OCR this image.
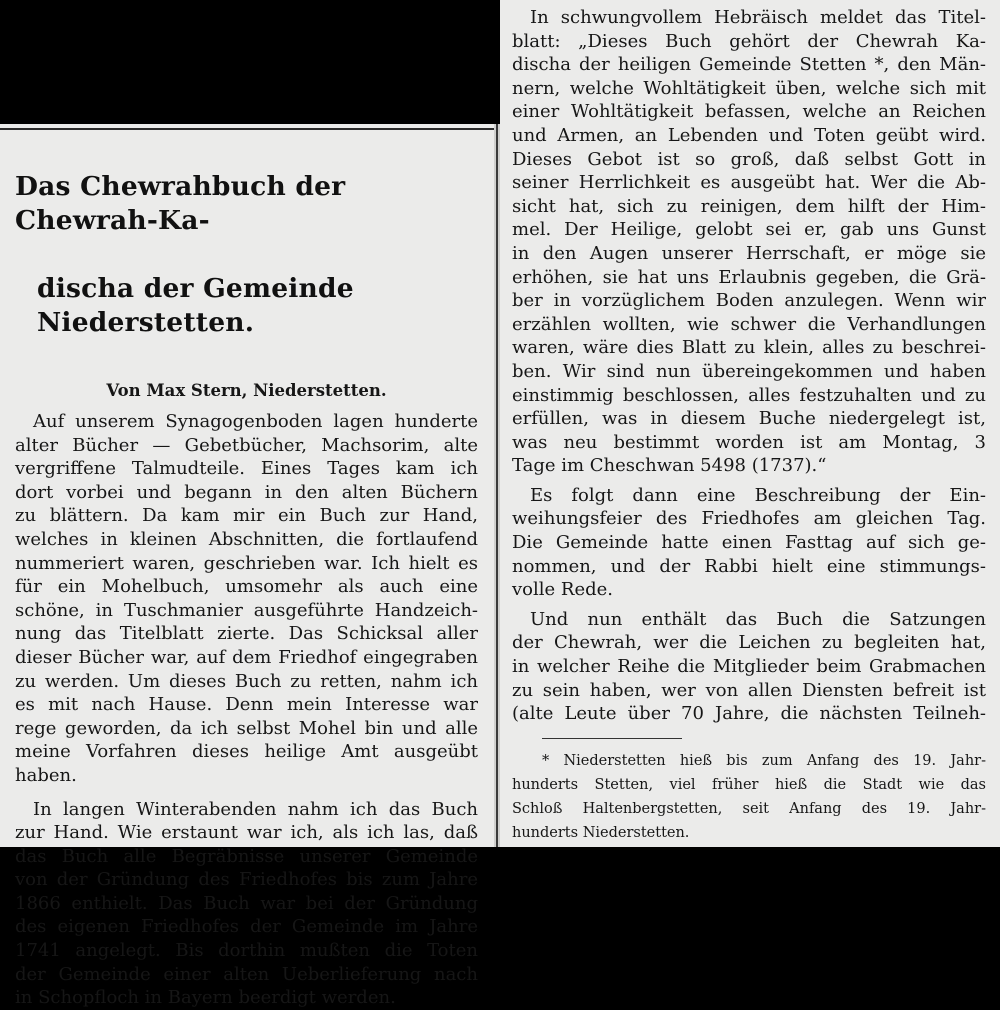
Das Chewrahbuch der Chewrah-Ka-

discha der Gemeinde Niederstetten.

Von Max Stern, Niederstetten.
Auf unserem Synagogenboden lagen hunderte
alter Bücher — Gebetbücher, Machsorim, alte
vergriffene Talmudteile. Eines Tages kam ich
dort vorbei und begann in den alten Büchern
zu blättern. Da kam mir ein Buch zur Hand,
welches in kleinen Abschnitten, die fortlaufend
nummeriert waren, geschrieben war. Ich hielt es
für ein Mohelbuch, umsomehr als auch eine
schöne, in Tuschmanier ausgeführte Handzeich-
nung das Titelblatt zierte. Das Schicksal aller
dieser Bücher war, auf dem Friedhof eingegraben
zu werden. Um dieses Buch zu retten, nahm ich
es mit nach Hause. Denn mein Interesse war
rege geworden, da ich selbst Mohel bin und alle
meine Vorfahren dieses heilige Amt ausgeübt
haben.
In langen Winterabenden nahm ich das Buch
zur Hand. Wie erstaunt war ich, als ich las, daß
das Buch alle Begräbnisse unserer Gemeinde
von der Gründung des Friedhofes bis zum Jahre
1866 enthielt. Das Buch war bei der Gründung
des eigenen Friedhofes der Gemeinde im Jahre
1741 angelegt. Bis dorthin mußten die Toten
der Gemeinde einer alten Ueberlieferung nach
in Schopfloch in Bayern beerdigt werden.
In schwungvollem Hebräisch meldet das Titel-
blatt: „Dieses Buch gehört der Chewrah Ka-
discha der heiligen Gemeinde Stetten *, den Män-
nern, welche Wohltätigkeit üben, welche sich mit
einer Wohltätigkeit befassen, welche an Reichen
und Armen, an Lebenden und Toten geübt wird.
Dieses Gebot ist so groß, daß selbst Gott in
seiner Herrlichkeit es ausgeübt hat. Wer die Ab-
sicht hat, sich zu reinigen, dem hilft der Him-
mel. Der Heilige, gelobt sei er, gab uns Gunst
in den Augen unserer Herrschaft, er möge sie
erhöhen, sie hat uns Erlaubnis gegeben, die Grä-
ber in vorzüglichem Boden anzulegen. Wenn wir
erzählen wollten, wie schwer die Verhandlungen
waren, wäre dies Blatt zu klein, alles zu beschrei-
ben. Wir sind nun übereingekommen und haben
einstimmig beschlossen, alles festzuhalten und zu
erfüllen, was in diesem Buche niedergelegt ist,
was neu bestimmt worden ist am Montag, 3
Tage im Cheschwan 5498 (1737).“
Es folgt dann eine Beschreibung der Ein-
weihungsfeier des Friedhofes am gleichen Tag.
Die Gemeinde hatte einen Fasttag auf sich ge-
nommen, und der Rabbi hielt eine stimmungs-
volle Rede.
Und nun enthält das Buch die Satzungen
der Chewrah, wer die Leichen zu begleiten hat,
in welcher Reihe die Mitglieder beim Grabmachen
zu sein haben, wer von allen Diensten befreit ist
(alte Leute über 70 Jahre, die nächsten Teilneh-
* Niederstetten hieß bis zum Anfang des 19. Jahr-
hunderts Stetten, viel früher hieß die Stadt wie das
Schloß Haltenbergstetten, seit Anfang des 19. Jahr-
hunderts Niederstetten.
